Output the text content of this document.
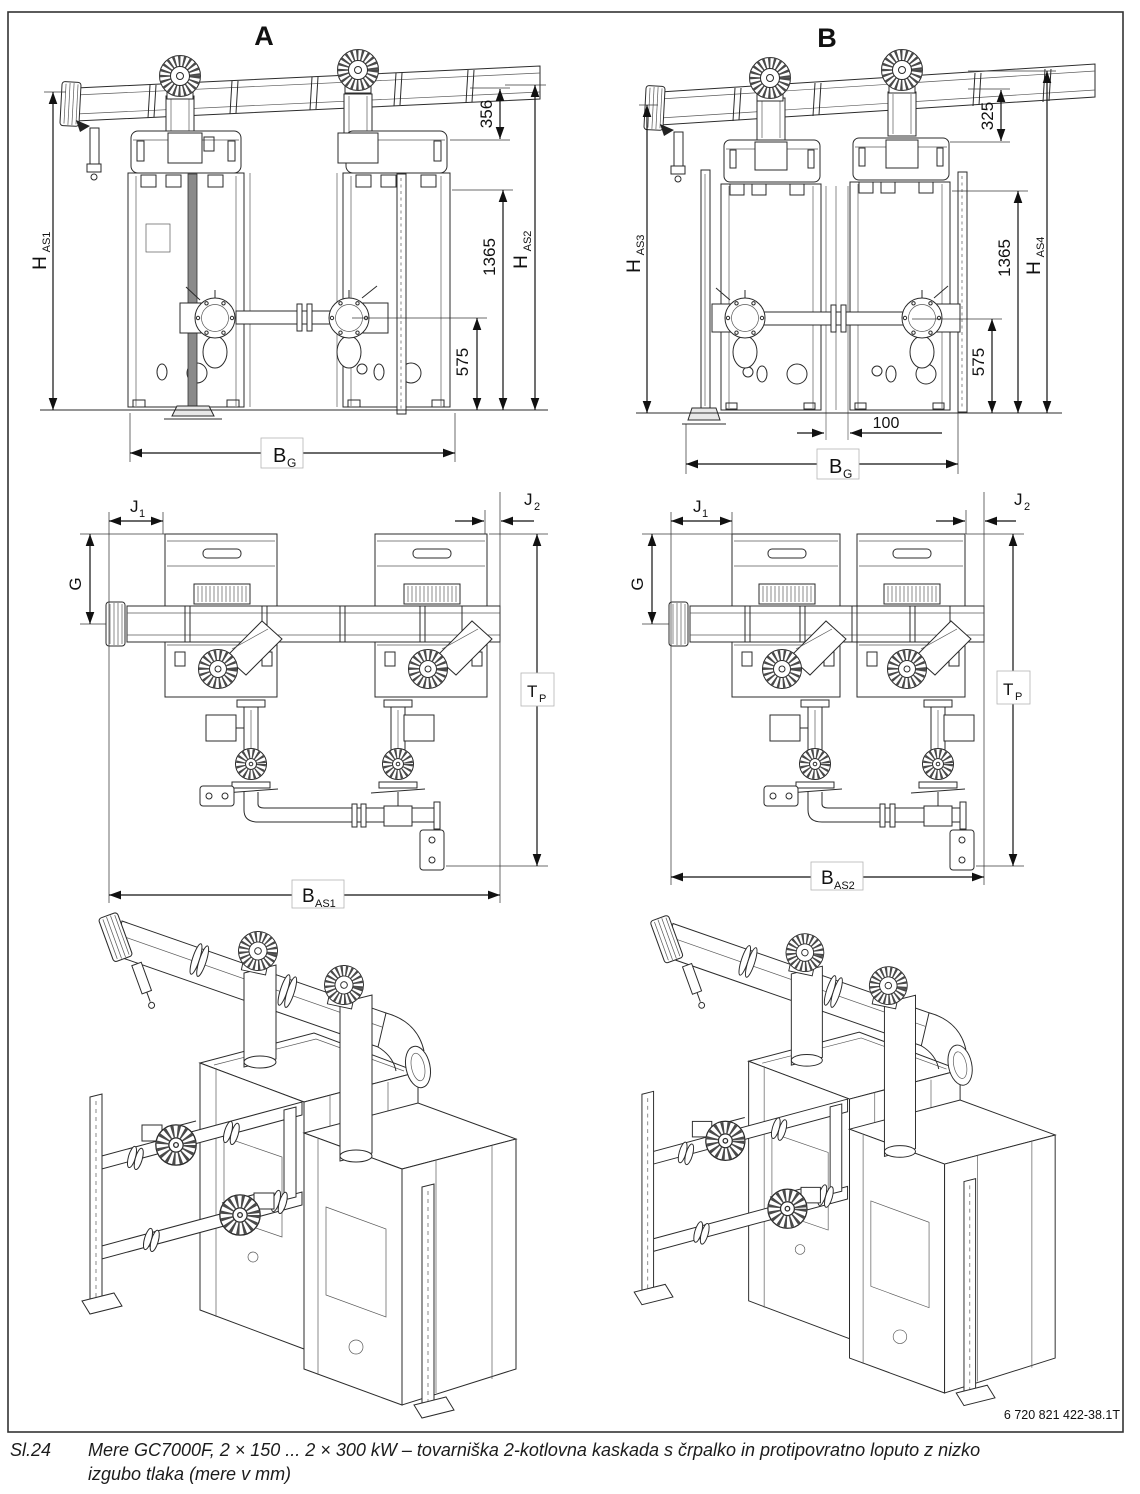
A	B
H
AS1
H
AS2
356
1365
575
B G
H
AS3
H
AS4
325
1365
575
100
B G
J 1
J 2
G
T P
B AS1
J 1
J 2
G
T P
B AS2
6 720 821 422-38.1T
Sl.24 Mere GC7000F, 2 × 150 ... 2 × 300 kW – tovarniška 2-kotlovna kaskada s črpalko in protipovratno loputo z nizko
izgubo tlaka (mere v mm)
